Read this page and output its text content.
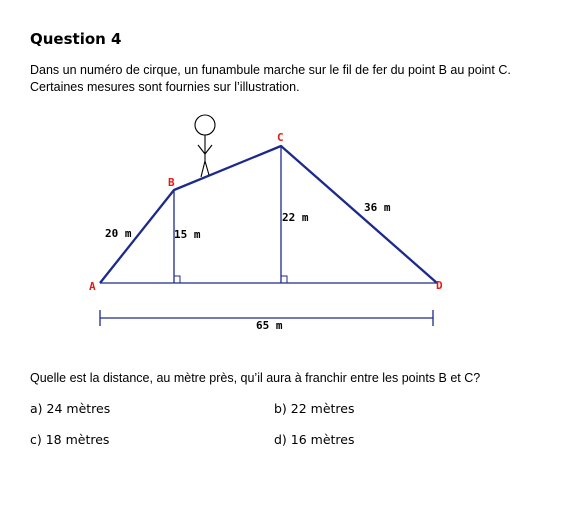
Question 4
Dans un numéro de cirque, un funambule marche sur le fil de fer du point B au point C.
Certaines mesures sont fournies sur l’illustration.
A
B
C
D
20 m	15 m
22 m
36 m
65 m
Quelle est la distance, au mètre près, qu’il aura à franchir entre les points B et C?
a) 24 mètres	b) 22 mètres
c) 18 mètres	d) 16 mètres
